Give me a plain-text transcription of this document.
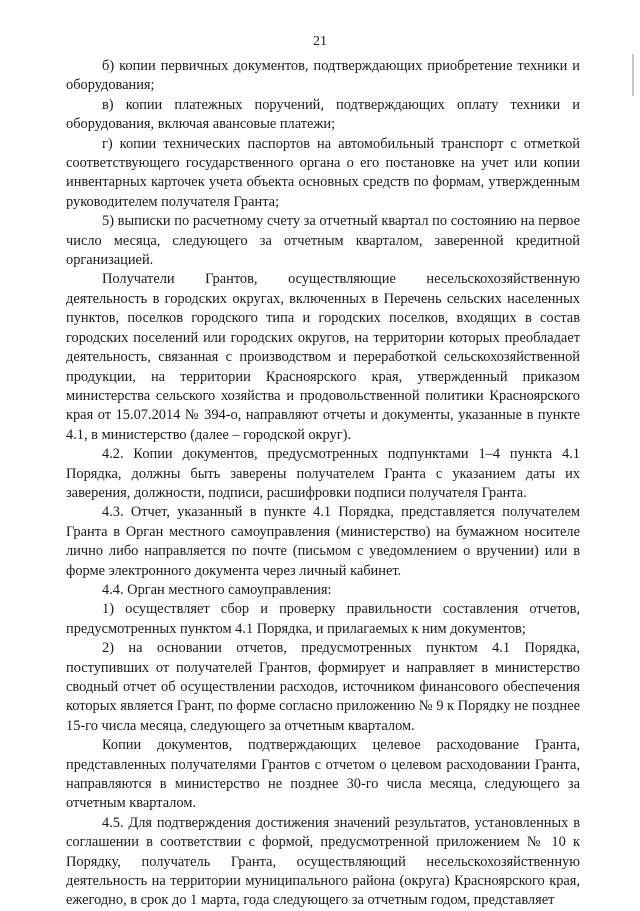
21

б) копии первичных документов, подтверждающих приобретение техники и оборудования;

в) копии платежных поручений, подтверждающих оплату техники и оборудования, включая авансовые платежи;

г) копии технических паспортов на автомобильный транспорт с отметкой соответствующего государственного органа о его постановке на учет или копии инвентарных карточек учета объекта основных средств по формам, утвержденным руководителем получателя Гранта;

5) выписки по расчетному счету за отчетный квартал по состоянию на первое число месяца, следующего за отчетным кварталом, заверенной кредитной организацией.

Получатели Грантов, осуществляющие несельскохозяйственную деятельность в городских округах, включенных в Перечень сельских населенных пунктов, поселков городского типа и городских поселков, входящих в состав городских поселений или городских округов, на территории которых преобладает деятельность, связанная с производством и переработкой сельскохозяйственной продукции, на территории Красноярского края, утвержденный приказом министерства сельского хозяйства и продовольственной политики Красноярского края от 15.07.2014 № 394-о, направляют отчеты и документы, указанные в пункте 4.1, в министерство (далее – городской округ).

4.2. Копии документов, предусмотренных подпунктами 1–4 пункта 4.1 Порядка, должны быть заверены получателем Гранта с указанием даты их заверения, должности, подписи, расшифровки подписи получателя Гранта.

4.3. Отчет, указанный в пункте 4.1 Порядка, представляется получателем Гранта в Орган местного самоуправления (министерство) на бумажном носителе лично либо направляется по почте (письмом с уведомлением о вручении) или в форме электронного документа через личный кабинет.

4.4. Орган местного самоуправления:

1) осуществляет сбор и проверку правильности составления отчетов, предусмотренных пунктом 4.1 Порядка, и прилагаемых к ним документов;

2) на основании отчетов, предусмотренных пунктом 4.1 Порядка, поступивших от получателей Грантов, формирует и направляет в министерство сводный отчет об осуществлении расходов, источником финансового обеспечения которых является Грант, по форме согласно приложению № 9 к Порядку не позднее 15-го числа месяца, следующего за отчетным кварталом.

Копии документов, подтверждающих целевое расходование Гранта, представленных получателями Грантов с отчетом о целевом расходовании Гранта, направляются в министерство не позднее 30-го числа месяца, следующего за отчетным кварталом.

4.5. Для подтверждения достижения значений результатов, установленных в соглашении в соответствии с формой, предусмотренной приложением № 10 к Порядку, получатель Гранта, осуществляющий несельскохозяйственную деятельность на территории муниципального района (округа) Красноярского края, ежегодно, в срок до 1 марта, года следующего за отчетным годом, представляет
